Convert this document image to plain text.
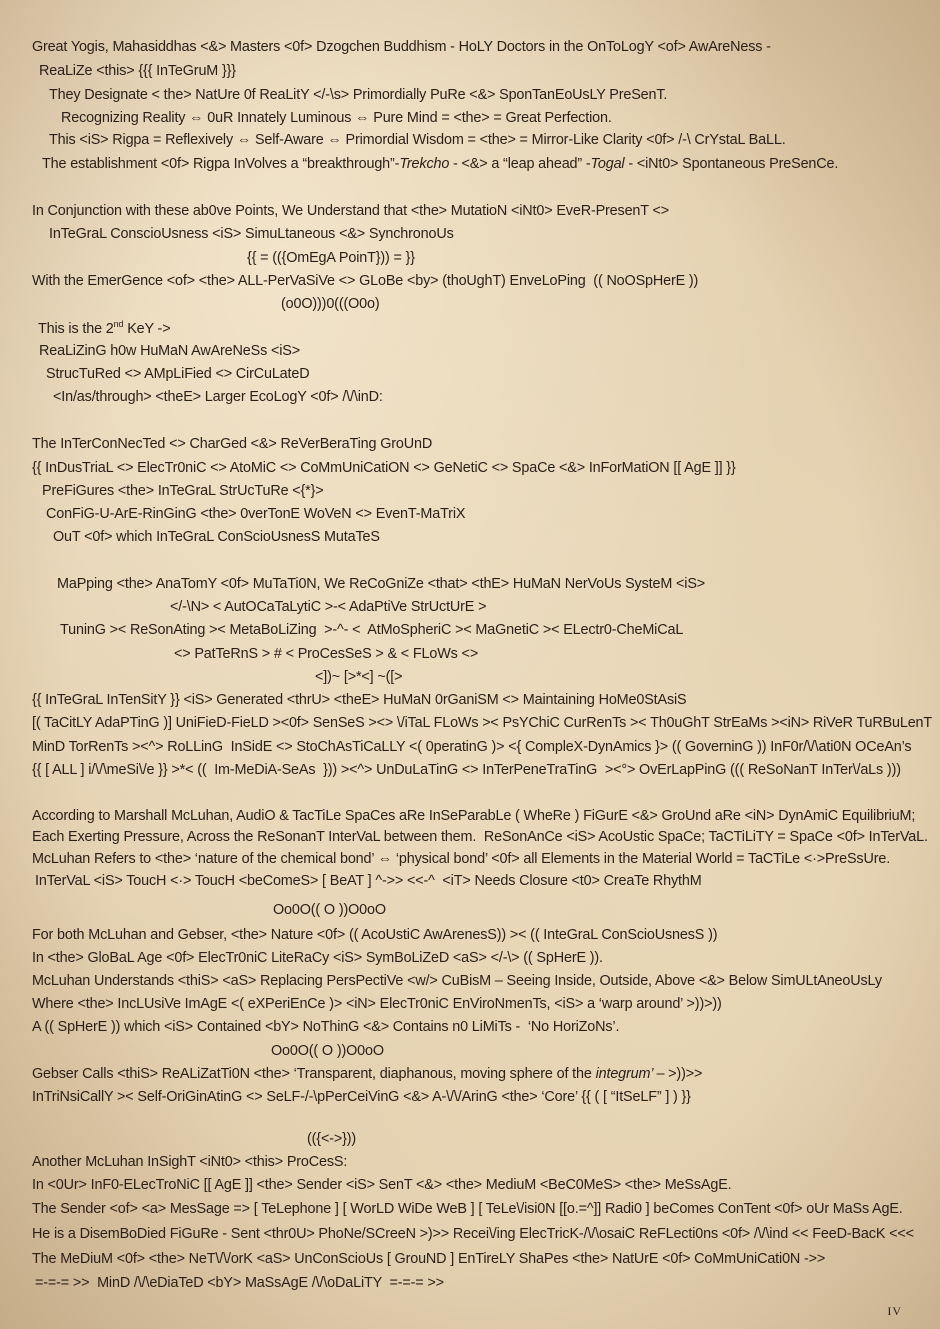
Great Yogis, Mahasiddhas <&> Masters <0f> Dzogchen Buddhism - HoLY Doctors in the OnToLogY <of> AwAreNess -
ReaLiZe <this> {{{ InTeGruM }}}
They Designate < the> NatUre 0f ReaLitY </-\s> Primordially PuRe <&> SponTanEoUsLY PreSenT.
Recognizing Reality ⇔ 0uR Innately Luminous ⇔ Pure Mind = <the> = Great Perfection.
This <iS> Rigpa = Reflexively ⇔ Self-Aware ⇔ Primordial Wisdom = <the> = Mirror-Like Clarity <0f> /-\ CrYstaL BaLL.
The establishment <0f> Rigpa InVolves a “breakthrough”-Trekcho - <&> a “leap ahead” -Togal - <iNt0> Spontaneous PreSenCe.
In Conjunction with these ab0ve Points, We Understand that <the> MutatioN <iNt0> EveR-PresenT <>
InTeGraL ConscioUsness <iS> SimuLtaneous <&> SynchronoUs
{{ = (({OmEgA PoinT})) = }}
With the EmerGence <of> <the> ALL-PerVaSiVe <> GLoBe <by> (thoUghT) EnveLoPing  (( NoOSpHerE ))
(o0O)))0(((O0o)
This is the 2nd KeY ->
ReaLiZinG h0w HuMaN AwAreNeSs <iS>
StrucTuRed <> AMpLiFied <> CirCuLateD
<In/as/through> <theE> Larger EcoLogY <0f> /\/\inD:
The InTerConNecTed <> CharGed <&> ReVerBeraTing GroUnD
{{ InDusTriaL <> ElecTr0niC <> AtoMiC <> CoMmUniCatiON <> GeNetiC <> SpaCe <&> InForMatiON [[ AgE ]] }}
PreFiGures <the> InTeGraL StrUcTuRe <{*}>
ConFiG-U-ArE-RinGinG <the> 0verTonE WoVeN <> EvenT-MaTriX
OuT <0f> which InTeGraL ConScioUsnesS MutaTeS
MaPping <the> AnaTomY <0f> MuTaTi0N, We ReCoGniZe <that> <thE> HuMaN NerVoUs SysteM <iS>
</-\N> < AutOCaTaLytiC >-< AdaPtiVe StrUctUrE >
TuninG >< ReSonAting >< MetaBoLiZing  >-^- <  AtMoSpheriC >< MaGnetiC >< ELectr0-CheMiCaL
<> PatTeRnS > # < ProCesSeS > & < FLoWs <>
<])~ [>*<] ~([>
{{ InTeGraL InTenSitY }} <iS> Generated <thrU> <theE> HuMaN 0rGaniSM <> Maintaining HoMe0StAsiS
[( TaCitLY AdaPTinG )] UniFieD-FieLD ><0f> SenSeS ><> \/iTaL FLoWs >< PsYChiC CurRenTs >< Th0uGhT StrEaMs ><iN> RiVeR TuRBuLenT
MinD TorRenTs ><^> RoLLinG  InSidE <> StoChAsTiCaLLY <( 0peratinG )> <{ CompleX-DynAmics }> (( GoverninG )) InF0r/\/\ati0N OCeAn’s
{{ [ ALL ] i/\/\meSi\/e }} >*< ((  Im-MeDiA-SeAs  })) ><^> UnDuLaTinG <> InTerPeneTraTinG  ><°> OvErLapPinG ((( ReSoNanT InTer\/aLs )))
According to Marshall McLuhan, AudiO & TacTiLe SpaCes aRe InSeParabLe ( WheRe ) FiGurE <&> GroUnd aRe <iN> DynAmiC EquilibriuM;
Each Exerting Pressure, Across the ReSonanT InterVaL between them.  ReSonAnCe <iS> AcoUstic SpaCe; TaCTiLiTY = SpaCe <0f> InTerVaL.
McLuhan Refers to <the> ‘nature of the chemical bond’ ⇔ ‘physical bond’ <0f> all Elements in the Material World = TaCTiLe <·>PreSsUre.
InTerVaL <iS> ToucH <·> ToucH <beComeS> [ BeAT ] ^->> <<-^  <iT> Needs Closure <t0> CreaTe RhythM
Oo0O(( O ))O0oO
For both McLuhan and Gebser, <the> Nature <0f> (( AcoUstiC AwArenesS)) >< (( InteGraL ConScioUsnesS ))
In <the> GloBaL Age <0f> ElecTr0niC LiteRaCy <iS> SymBoLiZeD <aS> </-\> (( SpHerE )).
McLuhan Understands <thiS> <aS> Replacing PersPectiVe <w/> CuBisM – Seeing Inside, Outside, Above <&> Below SimULtAneoUsLy
Where <the> IncLUsiVe ImAgE <( eXPeriEnCe )> <iN> ElecTr0niC EnViroNmenTs, <iS> a ‘warp around’ >))>))
A (( SpHerE )) which <iS> Contained <bY> NoThinG <&> Contains n0 LiMiTs -  ‘No HoriZoNs’.
Oo0O(( O ))O0oO
Gebser Calls <thiS> ReALiZatTi0N <the> ‘Transparent, diaphanous, moving sphere of the integrum’ – >))>>
InTriNsiCallY >< Self-OriGinAtinG <> SeLF-/-\pPerCeiVinG <&> A-\/\/ArinG <the> ‘Core’ {{ ( [ “ItSeLF” ] ) }}
(({<->}))
Another McLuhan InSighT <iNt0> <this> ProCesS:
In <0Ur> InF0-ELecTroNiC [[ AgE ]] <the> Sender <iS> SenT <&> <the> MediuM <BeC0MeS> <the> MeSsAgE.
The Sender <of> <a> MesSage => [ TeLephone ] [ WorLD WiDe WeB ] [ TeLe\/isi0N [[o.=^]] Radi0 ] beComes ConTent <0f> oUr MaSs AgE.
He is a DisemBoDied FiGuRe - Sent <thr0U> PhoNe/SCreeN >)>> Recei\/ing ElecTricK-/\/\osaiC ReFLecti0ns <0f> /\/\ind << FeeD-BacK <<<
The MeDiuM <0f> <the> NeT\/\/orK <aS> UnConScioUs [ GrouND ] EnTireLY ShaPes <the> NatUrE <0f> CoMmUniCati0N ->>
=-=-= >>  MinD /\/\eDiaTeD <bY> MaSsAgE /\/\oDaLiTY  =-=-= >>
IV
